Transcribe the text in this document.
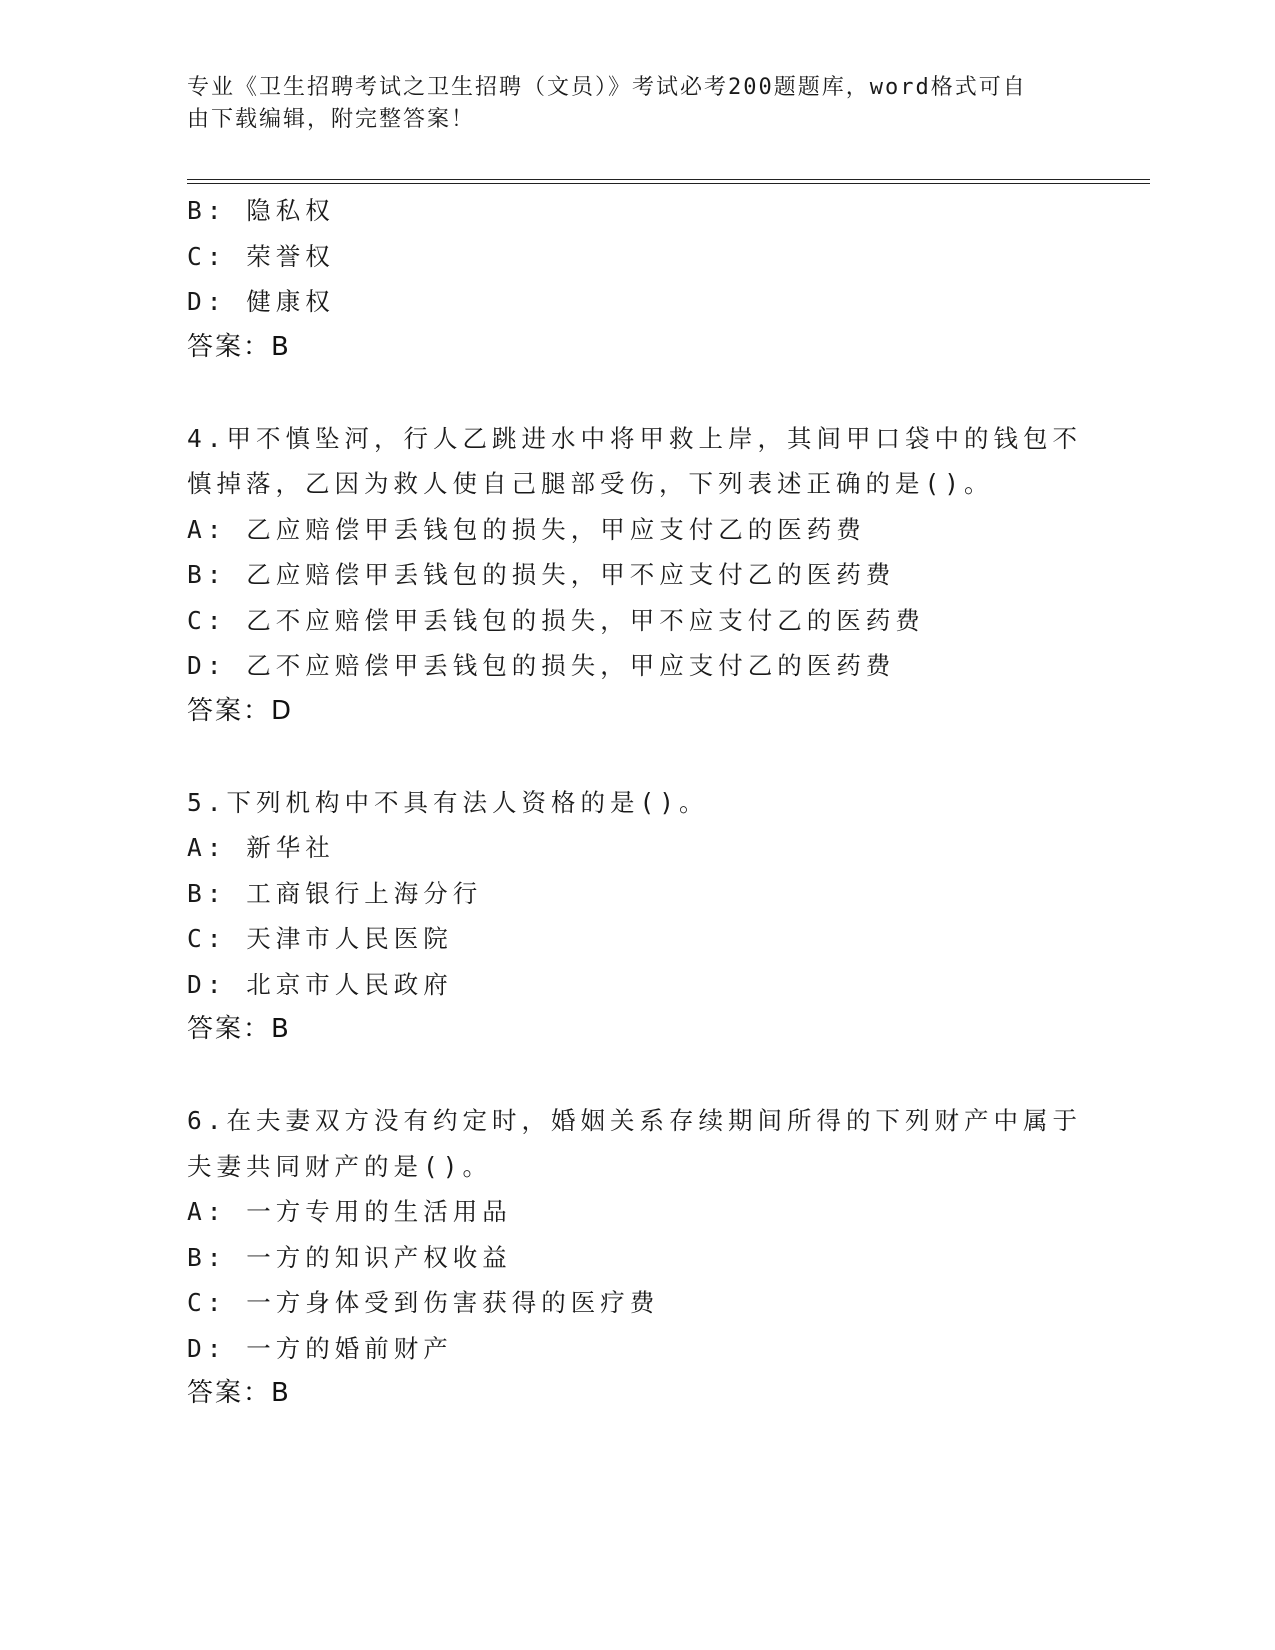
专业《卫生招聘考试之卫生招聘（文员）》考试必考200题题库，word格式可自
由下载编辑，附完整答案！
B: 隐私权
C: 荣誉权
D: 健康权
答案：B
4.甲不慎坠河，行人乙跳进水中将甲救上岸，其间甲口袋中的钱包不
慎掉落，乙因为救人使自己腿部受伤，下列表述正确的是()。
A: 乙应赔偿甲丢钱包的损失，甲应支付乙的医药费
B: 乙应赔偿甲丢钱包的损失，甲不应支付乙的医药费
C: 乙不应赔偿甲丢钱包的损失，甲不应支付乙的医药费
D: 乙不应赔偿甲丢钱包的损失，甲应支付乙的医药费
答案：D
5.下列机构中不具有法人资格的是()。
A: 新华社
B: 工商银行上海分行
C: 天津市人民医院
D: 北京市人民政府
答案：B
6.在夫妻双方没有约定时，婚姻关系存续期间所得的下列财产中属于
夫妻共同财产的是()。
A: 一方专用的生活用品
B: 一方的知识产权收益
C: 一方身体受到伤害获得的医疗费
D: 一方的婚前财产
答案：B
